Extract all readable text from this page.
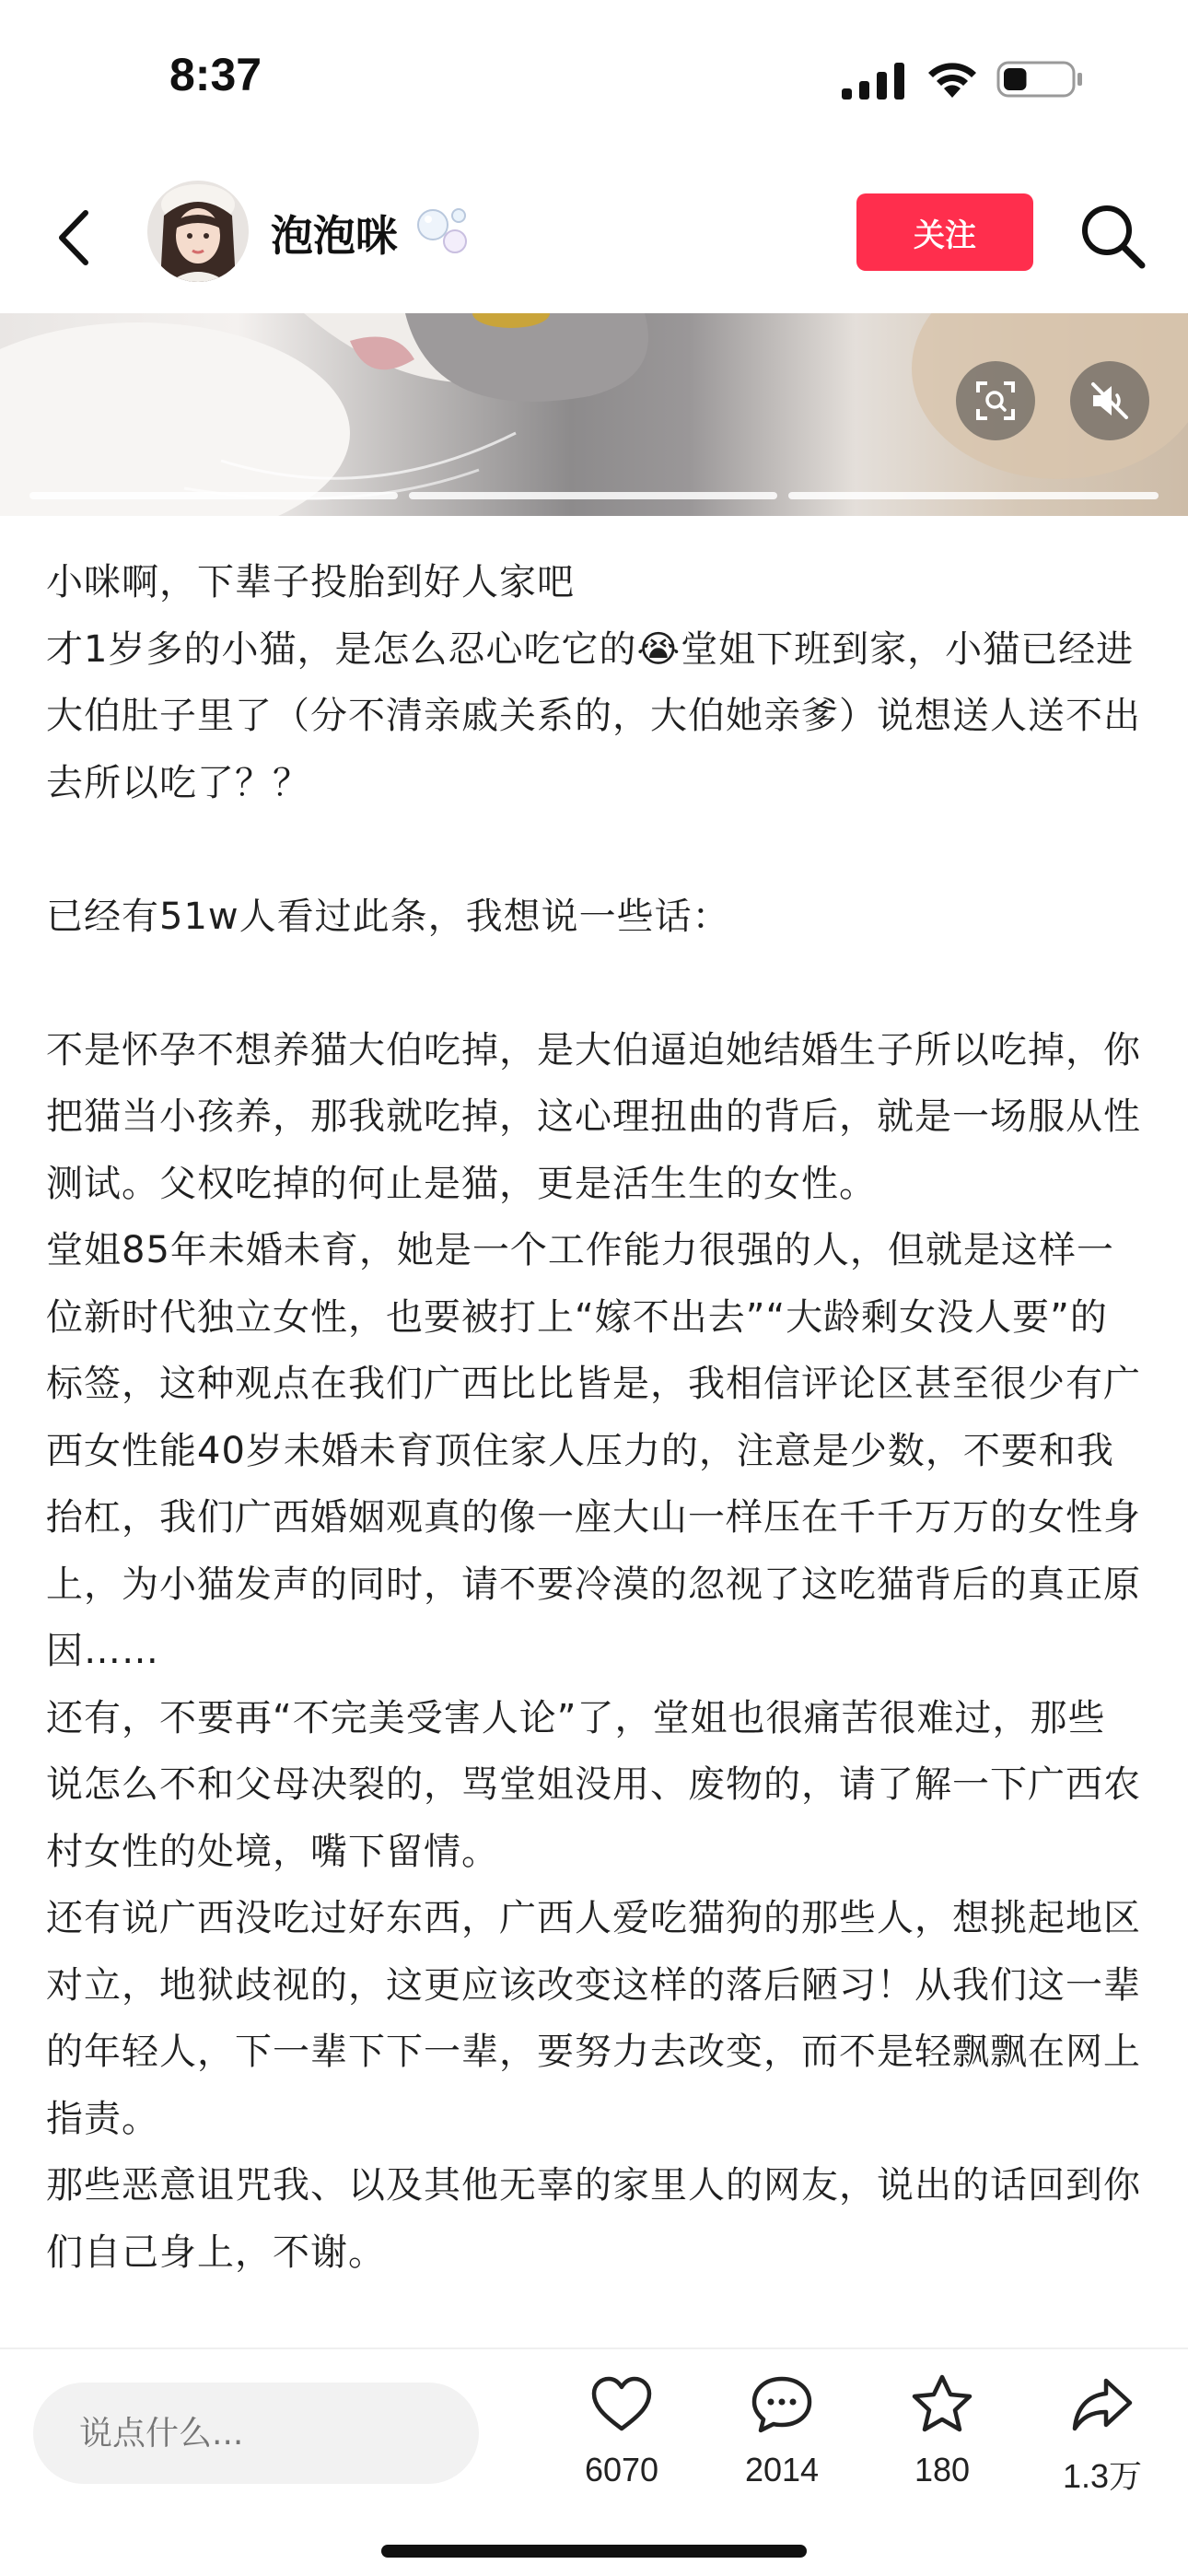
8:37
泡泡咪	关注

小咪啊，下辈子投胎到好人家吧

才1岁多的小猫，是怎么忍心吃它的😭堂姐下班到家，小猫已经进大伯肚子里了（分不清亲戚关系的，大伯她亲爹）说想送人送不出去所以吃了？？

已经有51w人看过此条，我想说一些话：

不是怀孕不想养猫大伯吃掉，是大伯逼迫她结婚生子所以吃掉，你把猫当小孩养，那我就吃掉，这心理扭曲的背后，就是一场服从性测试。父权吃掉的何止是猫，更是活生生的女性。

堂姐85年未婚未育，她是一个工作能力很强的人，但就是这样一位新时代独立女性，也要被打上“嫁不出去”“大龄剩女没人要”的标签，这种观点在我们广西比比皆是，我相信评论区甚至很少有广西女性能40岁未婚未育顶住家人压力的，注意是少数，不要和我抬杠，我们广西婚姻观真的像一座大山一样压在千千万万的女性身上，为小猫发声的同时，请不要冷漠的忽视了这吃猫背后的真正原因……

还有，不要再“不完美受害人论”了，堂姐也很痛苦很难过，那些说怎么不和父母决裂的，骂堂姐没用、废物的，请了解一下广西农村女性的处境，嘴下留情。

还有说广西没吃过好东西，广西人爱吃猫狗的那些人，想挑起地区对立，地狱歧视的，这更应该改变这样的落后陋习！从我们这一辈的年轻人，下一辈下下一辈，要努力去改变，而不是轻飘飘在网上指责。

那些恶意诅咒我、以及其他无辜的家里人的网友，说出的话回到你们自己身上，不谢。

说点什么...
6070	2014	180	1.3万
